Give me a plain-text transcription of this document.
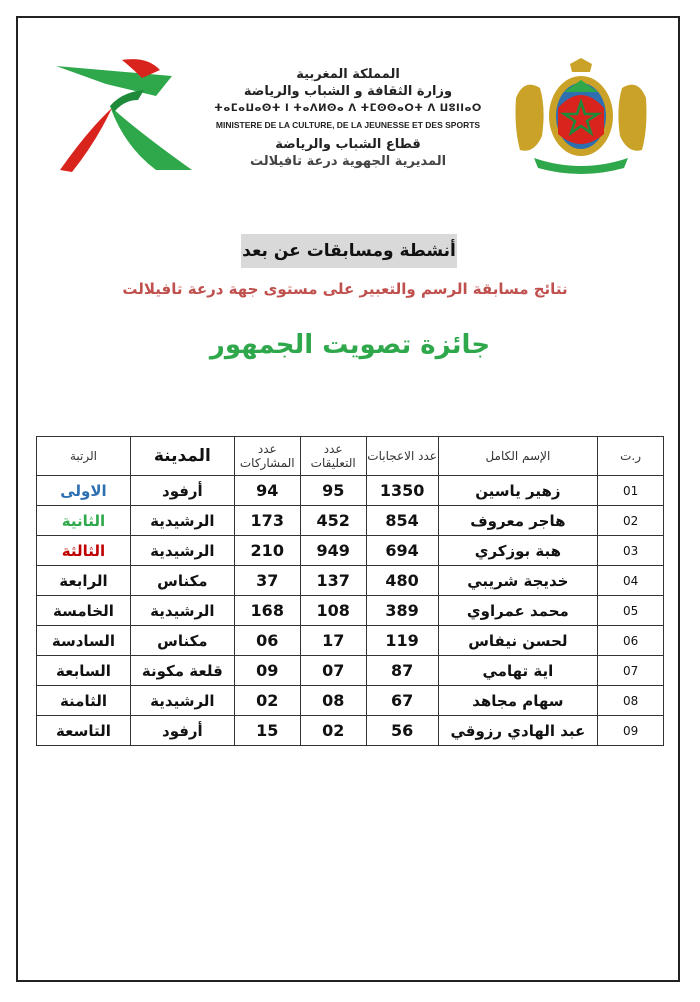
المملكة المغربية
وزارة الثقافة و الشباب والرياضة
ⵜⴰⵎⴰⵡⴰⵙⵜ ⵏ ⵜⴰⴷⵍⵙⴰ ⴷ ⵜⵎⵙⵙⴰⵔⵜ ⴷ ⵡⵓⵏⵏⴰⵔ
MINISTERE DE LA CULTURE, DE LA JEUNESSE ET DES SPORTS
قطاع الشباب والرياضة
المديرية الجهوية درعة تافيلالت
أنشطة ومسابقات عن بعد
نتائج مسابقة الرسم والتعبير على مستوى جهة درعة تافيلالت
جائزة تصويت الجمهور
ر.ت	الإسم الكامل	عدد الاعجابات	عدد التعليقات	عدد المشاركات	المدينة	الرتبة
01	زهير ياسين	1350	95	94	أرفود	الاولى
02	هاجر معروف	854	452	173	الرشيدية	الثانية
03	هبة بوزكري	694	949	210	الرشيدية	الثالثة
04	خديجة شريبي	480	137	37	مكناس	الرابعة
05	محمد عمراوي	389	108	168	الرشيدية	الخامسة
06	لحسن نيفاس	119	17	06	مكناس	السادسة
07	اية تهامي	87	07	09	قلعة مكونة	السابعة
08	سهام مجاهد	67	08	02	الرشيدية	الثامنة
09	عبد الهادي رزوقي	56	02	15	أرفود	التاسعة
